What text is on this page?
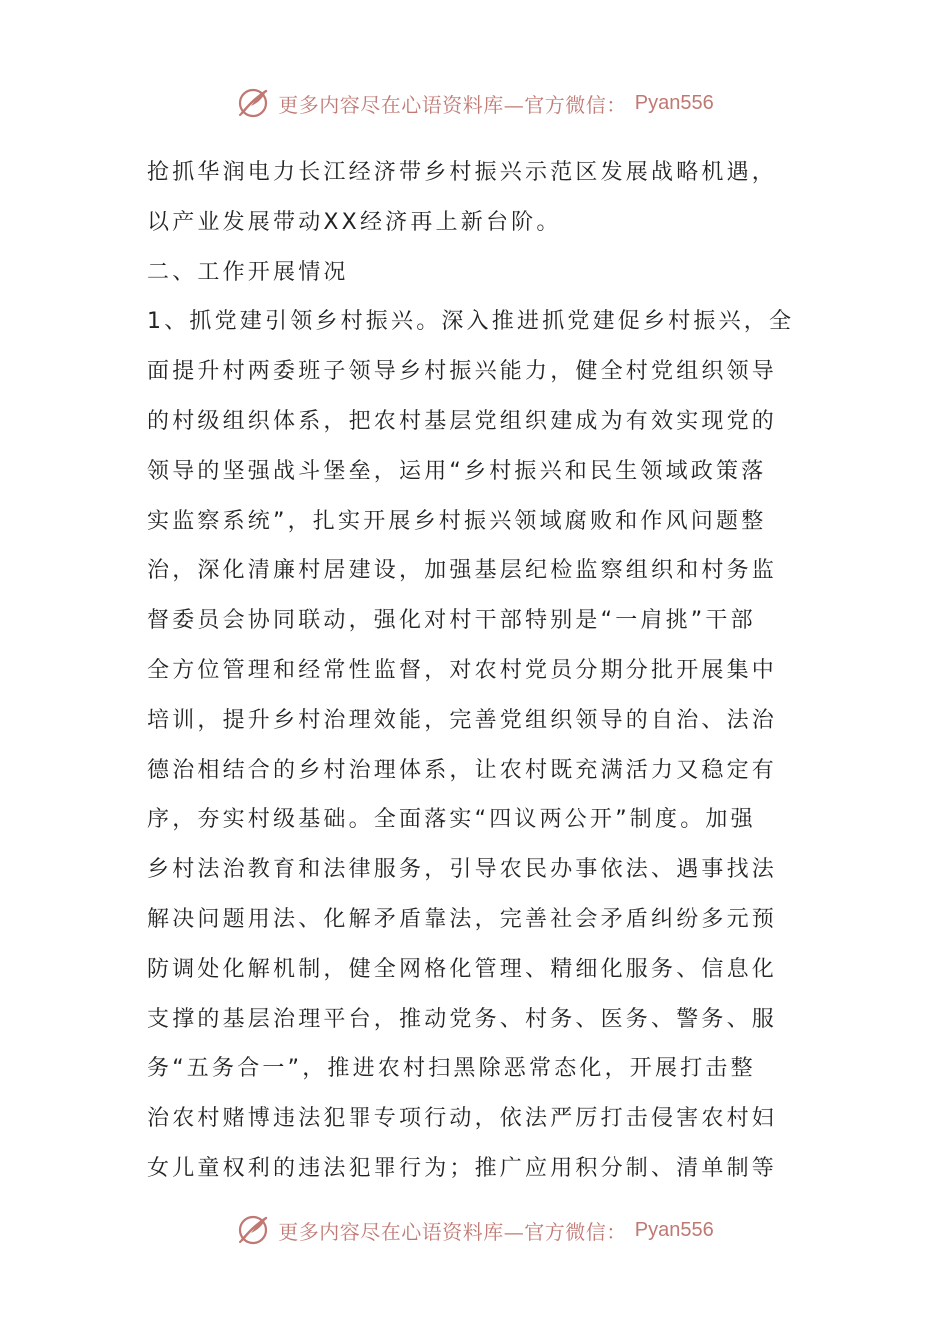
更多内容尽在心语资料库—官方微信： Pyan556
抢抓华润电力长江经济带乡村振兴示范区发展战略机遇，
以产业发展带动XX经济再上新台阶。
二、工作开展情况
1、抓党建引领乡村振兴。深入推进抓党建促乡村振兴，全
面提升村两委班子领导乡村振兴能力，健全村党组织领导
的村级组织体系，把农村基层党组织建成为有效实现党的
领导的坚强战斗堡垒，运用“乡村振兴和民生领域政策落
实监察系统”，扎实开展乡村振兴领域腐败和作风问题整
治，深化清廉村居建设，加强基层纪检监察组织和村务监
督委员会协同联动，强化对村干部特别是“一肩挑”干部
全方位管理和经常性监督，对农村党员分期分批开展集中
培训，提升乡村治理效能，完善党组织领导的自治、法治
德治相结合的乡村治理体系，让农村既充满活力又稳定有
序，夯实村级基础。全面落实“四议两公开”制度。加强
乡村法治教育和法律服务，引导农民办事依法、遇事找法
解决问题用法、化解矛盾靠法，完善社会矛盾纠纷多元预
防调处化解机制，健全网格化管理、精细化服务、信息化
支撑的基层治理平台，推动党务、村务、医务、警务、服
务“五务合一”，推进农村扫黑除恶常态化，开展打击整
治农村赌博违法犯罪专项行动，依法严厉打击侵害农村妇
女儿童权利的违法犯罪行为；推广应用积分制、清单制等
更多内容尽在心语资料库—官方微信： Pyan556
